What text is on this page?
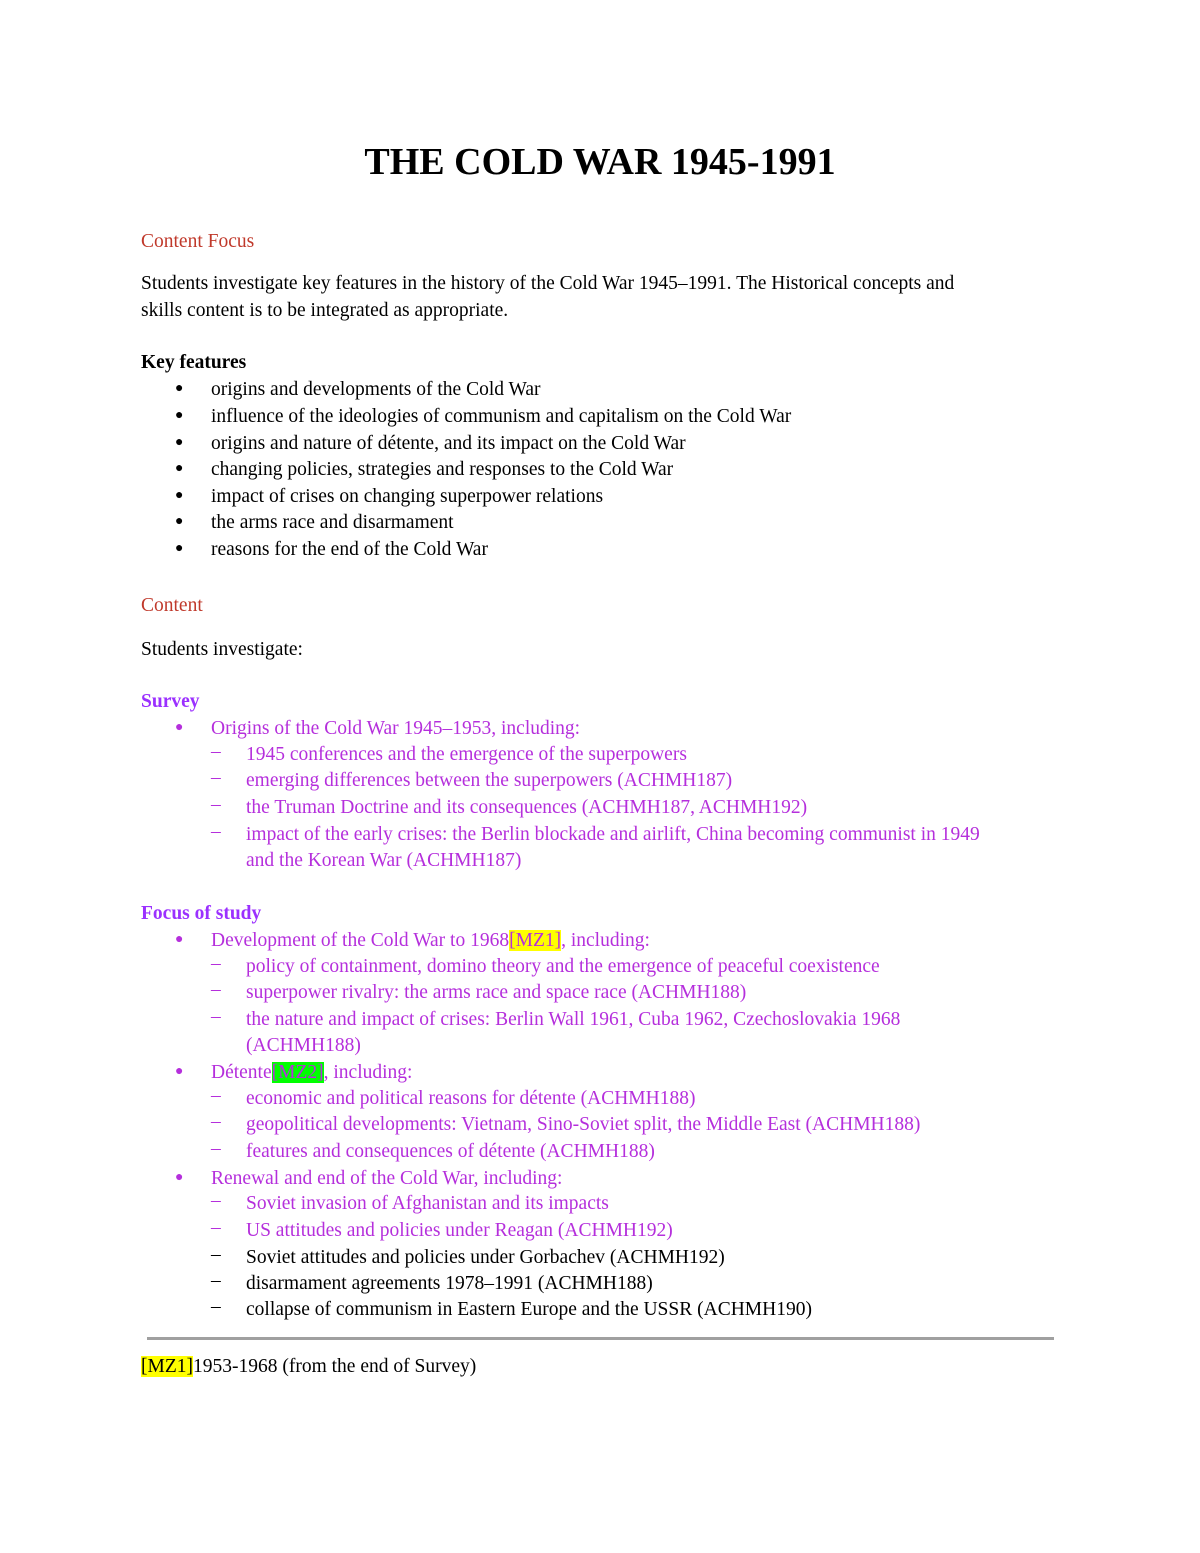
THE COLD WAR 1945-1991
Content Focus
Students investigate key features in the history of the Cold War 1945–1991. The Historical concepts and
skills content is to be integrated as appropriate.
Key features
● origins and developments of the Cold War
● influence of the ideologies of communism and capitalism on the Cold War
● origins and nature of détente, and its impact on the Cold War
● changing policies, strategies and responses to the Cold War
● impact of crises on changing superpower relations
● the arms race and disarmament
● reasons for the end of the Cold War
Content
Students investigate:
Survey
● Origins of the Cold War 1945–1953, including:
– 1945 conferences and the emergence of the superpowers
– emerging differences between the superpowers (ACHMH187)
– the Truman Doctrine and its consequences (ACHMH187, ACHMH192)
– impact of the early crises: the Berlin blockade and airlift, China becoming communist in 1949
and the Korean War (ACHMH187)
Focus of study
● Development of the Cold War to 1968[MZ1], including:
– policy of containment, domino theory and the emergence of peaceful coexistence
– superpower rivalry: the arms race and space race (ACHMH188)
– the nature and impact of crises: Berlin Wall 1961, Cuba 1962, Czechoslovakia 1968
(ACHMH188)
● Détente[MZ2], including:
– economic and political reasons for détente (ACHMH188)
– geopolitical developments: Vietnam, Sino-Soviet split, the Middle East (ACHMH188)
– features and consequences of détente (ACHMH188)
● Renewal and end of the Cold War, including:
– Soviet invasion of Afghanistan and its impacts
– US attitudes and policies under Reagan (ACHMH192)
– Soviet attitudes and policies under Gorbachev (ACHMH192)
– disarmament agreements 1978–1991 (ACHMH188)
– collapse of communism in Eastern Europe and the USSR (ACHMH190)
[MZ1]1953-1968 (from the end of Survey)
